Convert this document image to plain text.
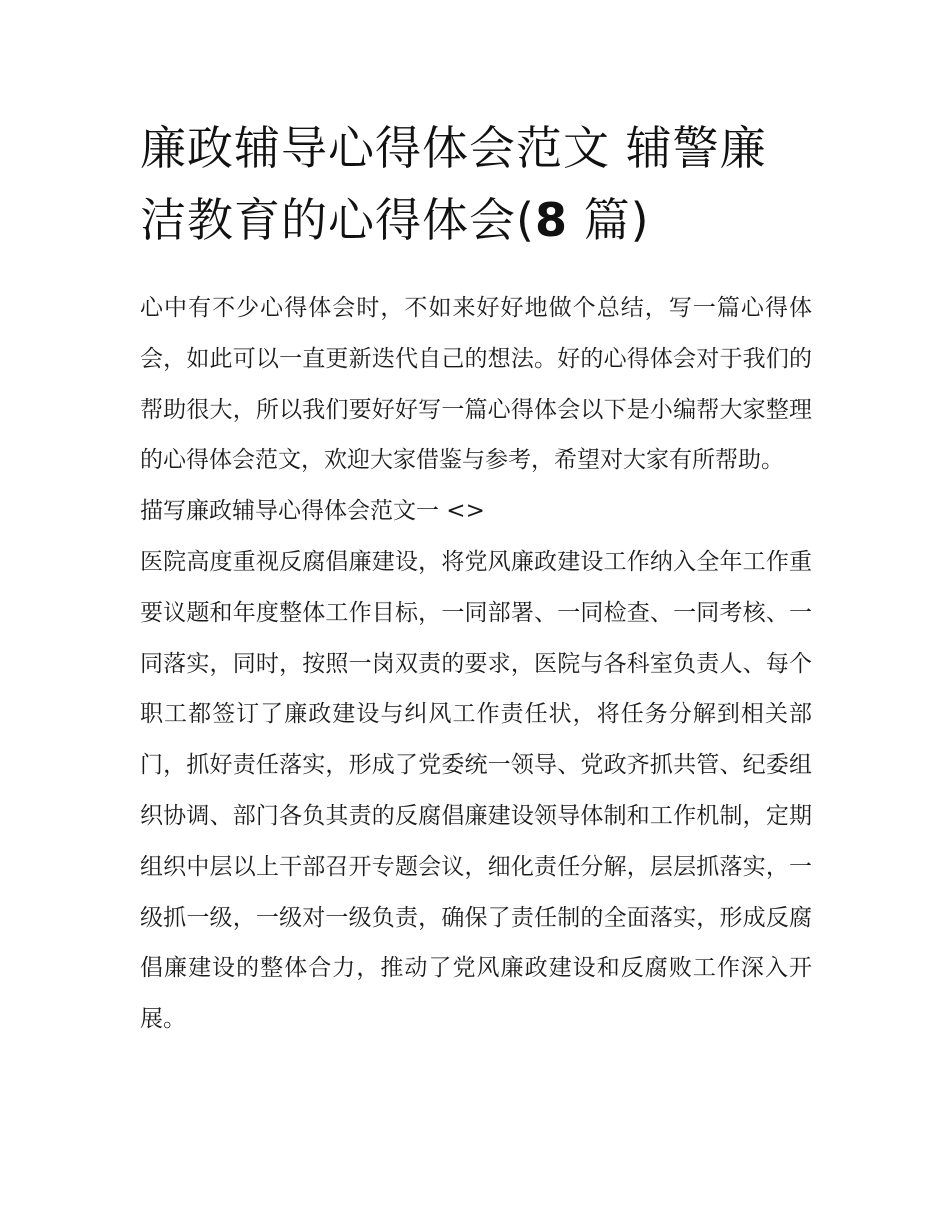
廉政辅导心得体会范文 辅警廉洁教育的心得体会(8 篇)

心中有不少心得体会时，不如来好好地做个总结，写一篇心得体会，如此可以一直更新迭代自己的想法。好的心得体会对于我们的帮助很大，所以我们要好好写一篇心得体会以下是小编帮大家整理的心得体会范文，欢迎大家借鉴与参考，希望对大家有所帮助。

描写廉政辅导心得体会范文一 <>

医院高度重视反腐倡廉建设，将党风廉政建设工作纳入全年工作重要议题和年度整体工作目标，一同部署、一同检查、一同考核、一同落实，同时，按照一岗双责的要求，医院与各科室负责人、每个职工都签订了廉政建设与纠风工作责任状，将任务分解到相关部门，抓好责任落实，形成了党委统一领导、党政齐抓共管、纪委组织协调、部门各负其责的反腐倡廉建设领导体制和工作机制，定期组织中层以上干部召开专题会议，细化责任分解，层层抓落实，一级抓一级，一级对一级负责，确保了责任制的全面落实，形成反腐倡廉建设的整体合力，推动了党风廉政建设和反腐败工作深入开展。
